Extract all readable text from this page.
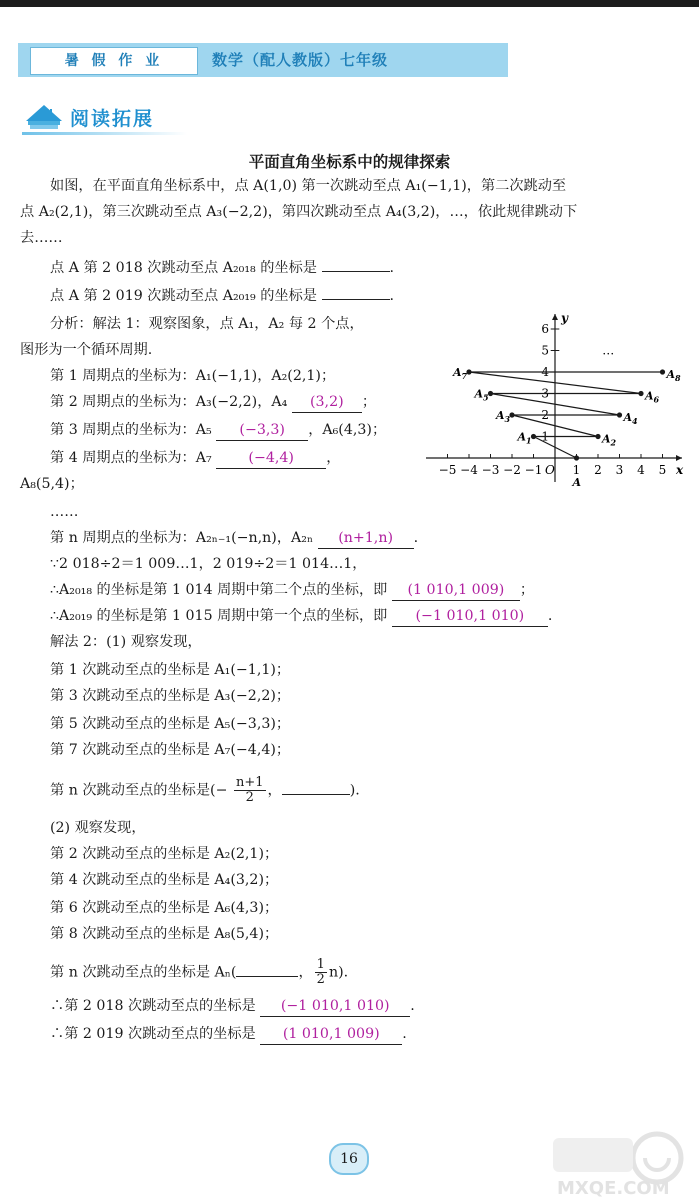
暑 假 作 业	数学（配人教版）七年级
阅读拓展
平面直角坐标系中的规律探索
如图，在平面直角坐标系中，点 A(1,0) 第一次跳动至点 A₁(−1,1)，第二次跳动至
点 A₂(2,1)，第三次跳动至点 A₃(−2,2)，第四次跳动至点 A₄(3,2)，…，依此规律跳动下
去……
点 A 第 2 018 次跳动至点 A₂₀₁₈ 的坐标是	.
点 A 第 2 019 次跳动至点 A₂₀₁₉ 的坐标是	.
分析：解法 1：观察图象，点 A₁，A₂ 每 2 个点，
图形为一个循环周期.
第 1 周期点的坐标为：A₁(−1,1)，A₂(2,1)；
第 2 周期点的坐标为：A₃(−2,2)，A₄ (3,2) ；
第 3 周期点的坐标为：A₅ (−3,3) ，A₆(4,3)；
第 4 周期点的坐标为：A₇	(−4,4) ，
A₈(5,4)；
……
第 n 周期点的坐标为：A₂ₙ₋₁(−n,n)，A₂ₙ (n+1,n) .
∵2 018÷2＝1 009…1，2 019÷2＝1 014…1，
∴A₂₀₁₈ 的坐标是第 1 014 周期中第二个点的坐标，即 (1 010,1 009) ；
∴A₂₀₁₉ 的坐标是第 1 015 周期中第一个点的坐标，即 (−1 010,1 010) .
解法 2：(1) 观察发现，
第 1 次跳动至点的坐标是 A₁(−1,1)；
第 3 次跳动至点的坐标是 A₃(−2,2)；
第 5 次跳动至点的坐标是 A₅(−3,3)；
第 7 次跳动至点的坐标是 A₇(−4,4)；
第 n 次跳动至点的坐标是(− $\frac{n+1}{2}$ ，	).
(2) 观察发现，
第 2 次跳动至点的坐标是 A₂(2,1)；
第 4 次跳动至点的坐标是 A₄(3,2)；
第 6 次跳动至点的坐标是 A₆(4,3)；
第 8 次跳动至点的坐标是 A₈(5,4)；
第 n 次跳动至点的坐标是 Aₙ(	， $\frac{1}{2} n$).
∴第 2 018 次跳动至点的坐标是 (−1 010,1 010) .
∴第 2 019 次跳动至点的坐标是 (1 010,1 009) .
−5 −4 −3 −2 −1	1 2 3 4 5
1
2
3
4
5
6
x
y
O
…
A
$A_1$	$A_2$
$A_3$	$A_4$
$A_5$	$A_6$
$A_7$	$A_8$
16
MXQE.COM
